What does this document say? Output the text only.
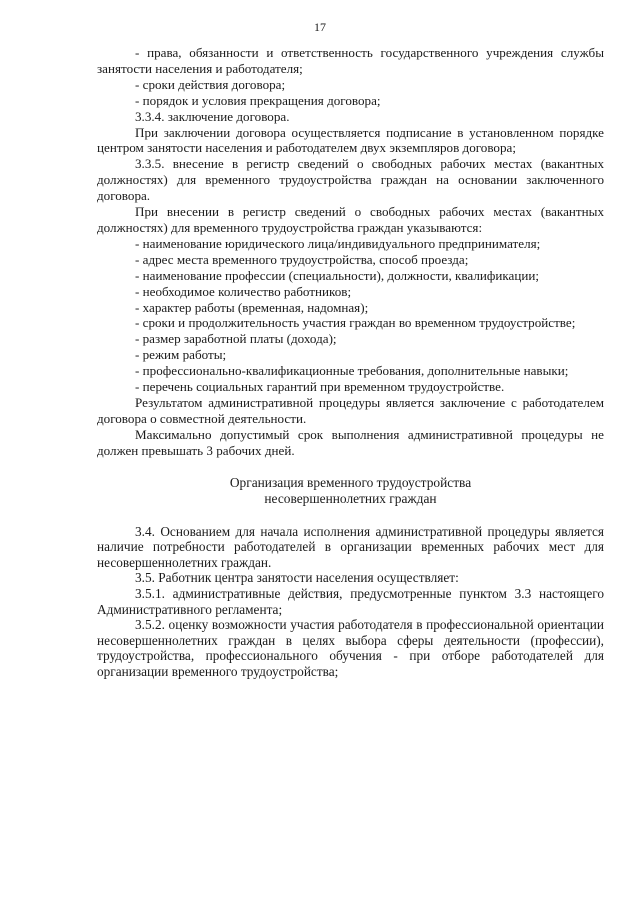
17

- права, обязанности и ответственность государственного учреждения службы занятости населения и работодателя;

- сроки действия договора;

- порядок и условия прекращения договора;

3.3.4. заключение договора.

При заключении договора осуществляется подписание в установленном порядке центром занятости населения и работодателем двух экземпляров договора;

3.3.5. внесение в регистр сведений о свободных рабочих местах (вакантных должностях) для временного трудоустройства граждан на основании заключенного договора.

При внесении в регистр сведений о свободных рабочих местах (вакантных должностях) для временного трудоустройства граждан указываются:

- наименование юридического лица/индивидуального предпринимателя;

- адрес места временного трудоустройства, способ проезда;

- наименование профессии (специальности), должности, квалификации;

- необходимое количество работников;

- характер работы (временная, надомная);

- сроки и продолжительность участия граждан во временном трудоустройстве;

- размер заработной платы (дохода);

- режим работы;

- профессионально-квалификационные требования, дополнительные навыки;

- перечень социальных гарантий при временном трудоустройстве.

Результатом административной процедуры является заключение с работодателем договора о совместной деятельности.

Максимально допустимый срок выполнения административной процедуры не должен превышать 3 рабочих дней.

Организация временного трудоустройства

несовершеннолетних граждан

3.4. Основанием для начала исполнения административной процедуры является наличие потребности работодателей в организации временных рабочих мест для несовершеннолетних граждан.

3.5. Работник центра занятости населения осуществляет:

3.5.1. административные действия, предусмотренные пунктом 3.3 настоящего Административного регламента;

3.5.2. оценку возможности участия работодателя в профессиональной ориентации несовершеннолетних граждан в целях выбора сферы деятельности (профессии), трудоустройства, профессионального обучения - при отборе работодателей для организации временного трудоустройства;
